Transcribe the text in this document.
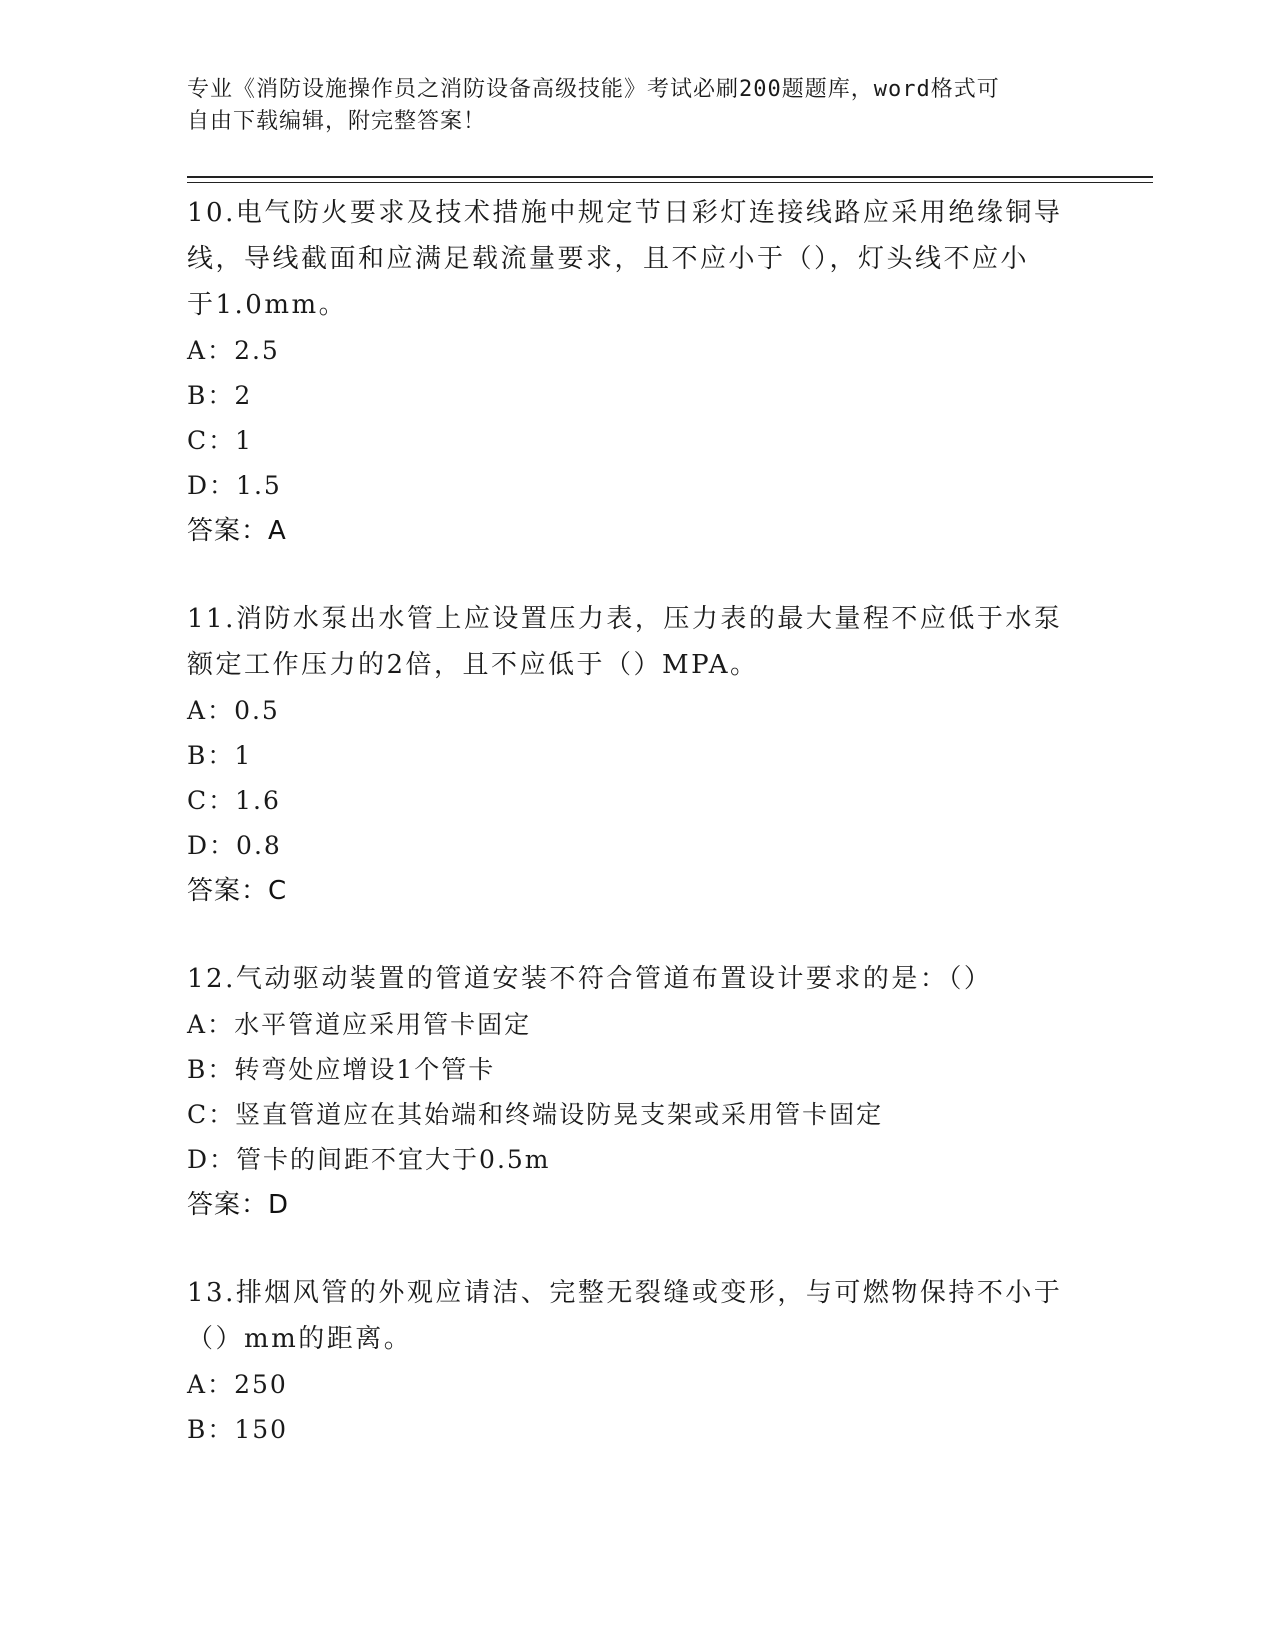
专业《消防设施操作员之消防设备高级技能》考试必刷200题题库，word格式可
自由下载编辑，附完整答案！

10.电气防火要求及技术措施中规定节日彩灯连接线路应采用绝缘铜导

线，导线截面和应满足载流量要求，且不应小于（），灯头线不应小

于1.0mm。

A：2.5

B：2

C：1

D：1.5

答案：A

11.消防水泵出水管上应设置压力表，压力表的最大量程不应低于水泵

额定工作压力的2倍，且不应低于（）MPA。

A：0.5

B：1

C：1.6

D：0.8

答案：C

12.气动驱动装置的管道安装不符合管道布置设计要求的是：（）

A：水平管道应采用管卡固定

B：转弯处应增设1个管卡

C：竖直管道应在其始端和终端设防晃支架或采用管卡固定

D：管卡的间距不宜大于0.5m

答案：D

13.排烟风管的外观应请洁、完整无裂缝或变形，与可燃物保持不小于

（）mm的距离。

A：250

B：150
